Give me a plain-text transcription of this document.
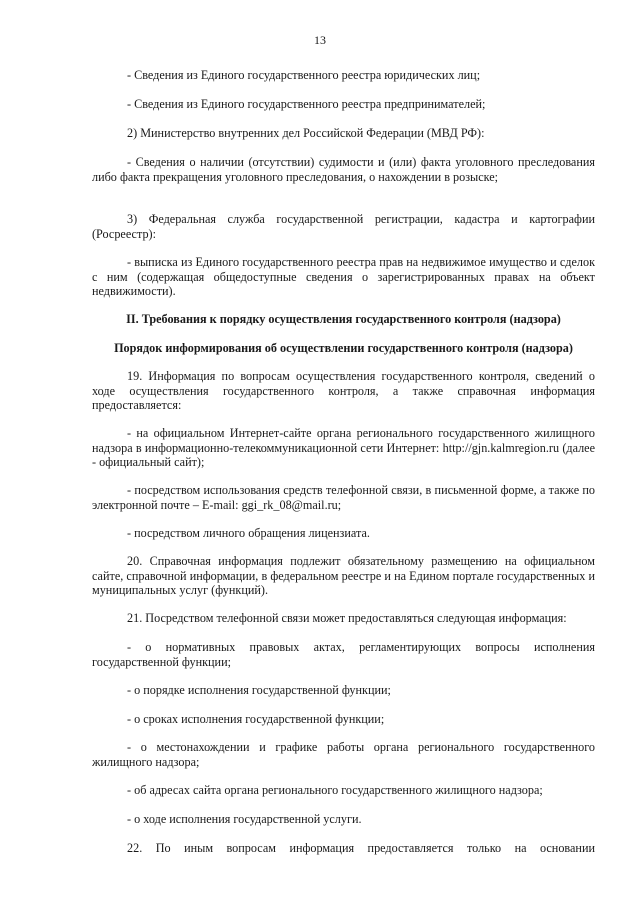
13

- Сведения из Единого государственного реестра юридических лиц;

- Сведения из Единого государственного реестра предпринимателей;

2) Министерство внутренних дел Российской Федерации (МВД РФ):

- Сведения о наличии (отсутствии) судимости и (или) факта уголовного преследования либо факта прекращения уголовного преследования, о нахождении в розыске;

3) Федеральная служба государственной регистрации, кадастра и картографии (Росреестр):

- выписка из Единого государственного реестра прав на недвижимое имущество и сделок с ним (содержащая общедоступные сведения о зарегистрированных правах на объект недвижимости).

II. Требования к порядку осуществления государственного контроля (надзора)
Порядок информирования об осуществлении государственного контроля (надзора)

19. Информация по вопросам осуществления государственного контроля, сведений о ходе осуществления государственного контроля, а также справочная информация предоставляется:

- на официальном Интернет-сайте органа регионального государственного жилищного надзора в информационно-телекоммуникационной сети Интернет: http://gjn.kalmregion.ru (далее - официальный сайт);

- посредством использования средств телефонной связи, в письменной форме, а также по электронной почте – E-mail: ggi_rk_08@mail.ru;

- посредством личного обращения лицензиата.

20. Справочная информация подлежит обязательному размещению на официальном сайте, справочной информации, в федеральном реестре и на Едином портале государственных и муниципальных услуг (функций).

21. Посредством телефонной связи может предоставляться следующая информация:

- о нормативных правовых актах, регламентирующих вопросы исполнения государственной функции;

- о порядке исполнения государственной функции;

- о сроках исполнения государственной функции;

- о местонахождении и графике работы органа регионального государственного жилищного надзора;

- об адресах сайта органа регионального государственного жилищного надзора;

- о ходе исполнения государственной услуги.

22. По иным вопросам информация предоставляется только на основании
